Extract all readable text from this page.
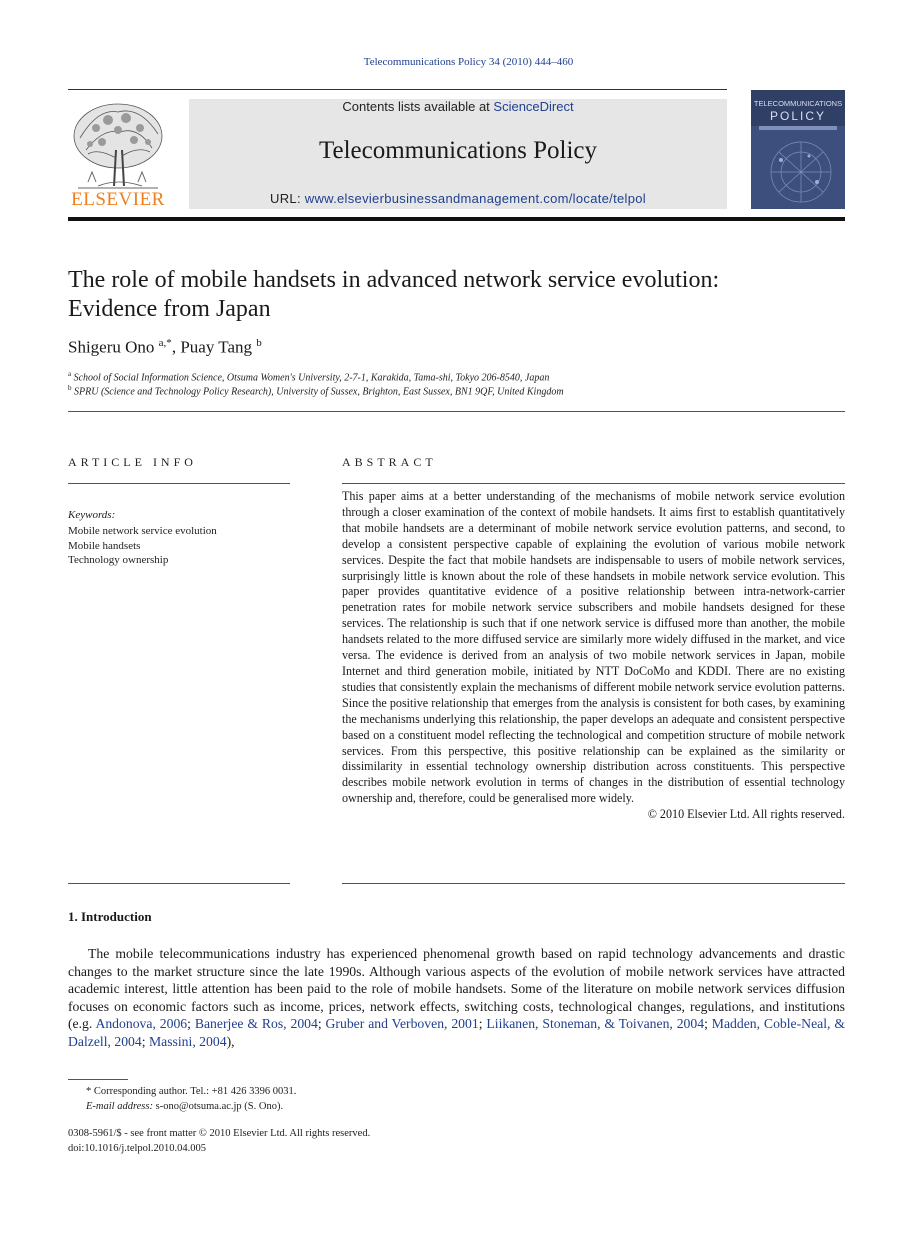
Telecommunications Policy 34 (2010) 444–460
ELSEVIER
Contents lists available at ScienceDirect
Telecommunications Policy
URL: www.elsevierbusinessandmanagement.com/locate/telpol
TELECOMMUNICATIONS
POLICY
The role of mobile handsets in advanced network service evolution:
Evidence from Japan
Shigeru Ono $^{a,*}$, Puay Tang $^b$
$^a$ School of Social Information Science, Otsuma Women's University, 2-7-1, Karakida, Tama-shi, Tokyo 206-8540, Japan
$^b$ SPRU (Science and Technology Policy Research), University of Sussex, Brighton, East Sussex, BN1 9QF, United Kingdom
ARTICLE INFO
Keywords:
Mobile network service evolution
Mobile handsets
Technology ownership
ABSTRACT
This paper aims at a better understanding of the mechanisms of mobile network service evolution through a closer examination of the context of mobile handsets. It aims first to establish quantitatively that mobile handsets are a determinant of mobile network service evolution patterns, and second, to develop a consistent perspective capable of explaining the evolution of various mobile network services. Despite the fact that mobile handsets are indispensable to users of mobile network services, surprisingly little is known about the role of these handsets in mobile network service evolution. This paper provides quantitative evidence of a positive relationship between intra-network-carrier penetration rates for mobile network service subscribers and mobile handsets designed for these services. The relationship is such that if one network service is diffused more than another, the mobile handsets related to the more diffused service are similarly more widely diffused in the market, and vice versa. The evidence is derived from an analysis of two mobile network services in Japan, mobile Internet and third generation mobile, initiated by NTT DoCoMo and KDDI. There are no existing studies that consistently explain the mechanisms of different mobile network service evolution patterns. Since the positive relationship that emerges from the analysis is consistent for both cases, by examining the mechanisms underlying this relationship, the paper develops an adequate and consistent perspective based on a constituent model reflecting the technological and competition structure of mobile network services. From this perspective, this positive relationship can be explained as the similarity or dissimilarity in essential technology ownership distribution across constituents. This perspective describes mobile network evolution in terms of changes in the distribution of essential technology ownership and, therefore, could be generalised more widely.
© 2010 Elsevier Ltd. All rights reserved.
1. Introduction
The mobile telecommunications industry has experienced phenomenal growth based on rapid technology advancements and drastic changes to the market structure since the late 1990s. Although various aspects of the evolution of mobile network services have attracted academic interest, little attention has been paid to the role of mobile handsets. Some of the literature on mobile network services diffusion focuses on economic factors such as income, prices, network effects, switching costs, technological changes, regulations, and institutions (e.g. Andonova, 2006; Banerjee & Ros, 2004; Gruber and Verboven, 2001; Liikanen, Stoneman, & Toivanen, 2004; Madden, Coble-Neal, & Dalzell, 2004; Massini, 2004),
* Corresponding author. Tel.: +81 426 3396 0031.
E-mail address: s-ono@otsuma.ac.jp (S. Ono).
0308-5961/$ - see front matter © 2010 Elsevier Ltd. All rights reserved.
doi:10.1016/j.telpol.2010.04.005
